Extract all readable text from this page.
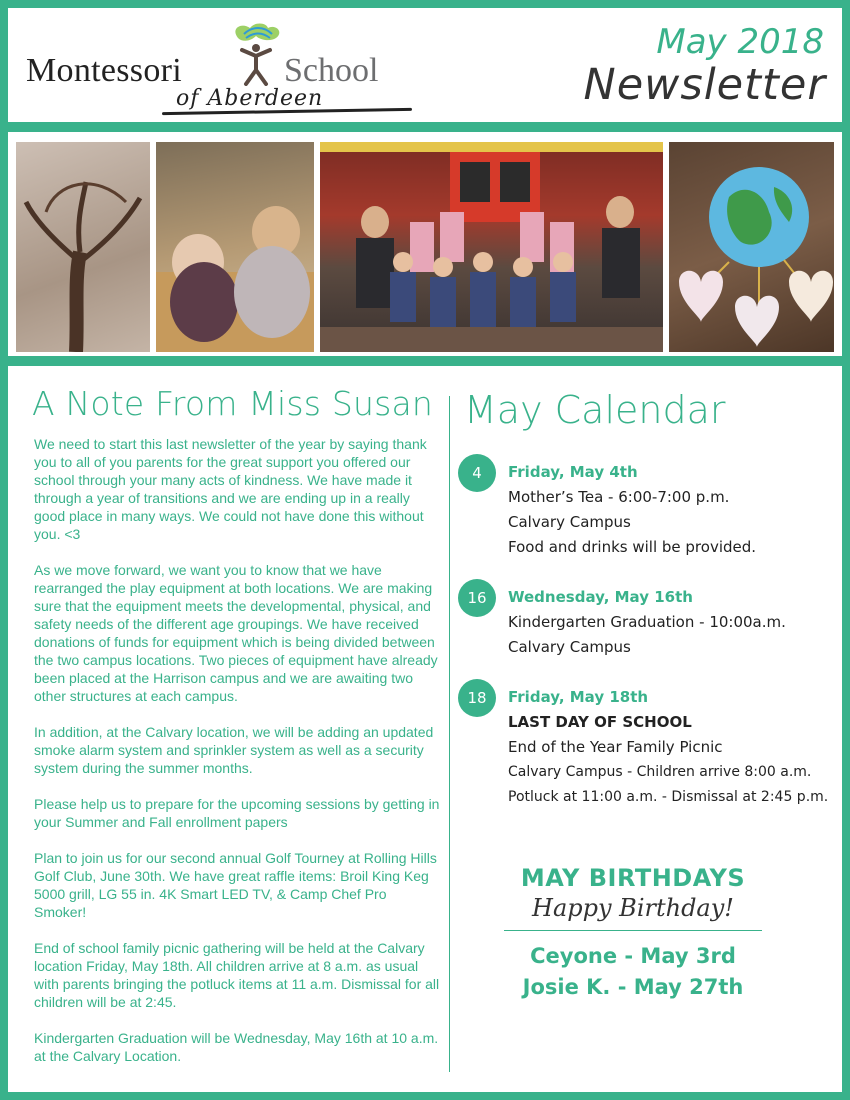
Montessori	School
of Aberdeen
May 2018
Newsletter
A Note From Miss Susan

We need to start this last newsletter of the year by saying thank you to all of you parents for the great support you offered our school through your many acts of kindness. We have made it through a year of transitions and we are ending up in a really good place in many ways. We could not have done this without you. <3

As we move forward, we want you to know that we have rearranged the play equipment at both locations. We are making sure that the equipment meets the developmental, physical, and safety needs of the different age groupings. We have received donations of funds for equipment which is being divided between the two campus locations. Two pieces of equipment have already been placed at the Harrison campus and we are awaiting two other structures at each campus.

In addition, at the Calvary location, we will be adding an updated smoke alarm system and sprinkler system as well as a security system during the summer months.

Please help us to prepare for the upcoming sessions by getting in your Summer and Fall enrollment papers

Plan to join us for our second annual Golf Tourney at Rolling Hills Golf Club, June 30th. We have great raffle items: Broil King Keg 5000 grill, LG 55 in. 4K Smart LED TV, & Camp Chef Pro Smoker!

End of school family picnic gathering will be held at the Calvary location Friday, May 18th. All children arrive at 8 a.m. as usual with parents bringing the potluck items at 11 a.m. Dismissal for all children will be at 2:45.

Kindergarten Graduation will be Wednesday, May 16th at 10 a.m. at the Calvary Location.

May Calendar
4	Friday, May 4th
Mother’s Tea - 6:00-7:00 p.m.
Calvary Campus
Food and drinks will be provided.
16	Wednesday, May 16th
Kindergarten Graduation - 10:00a.m.
Calvary Campus
18	Friday, May 18th
LAST DAY OF SCHOOL
End of the Year Family Picnic
Calvary Campus - Children arrive 8:00 a.m.
Potluck at 11:00 a.m. - Dismissal at 2:45 p.m.
MAY BIRTHDAYS
Happy Birthday!
Ceyone - May 3rd
Josie K. - May 27th
